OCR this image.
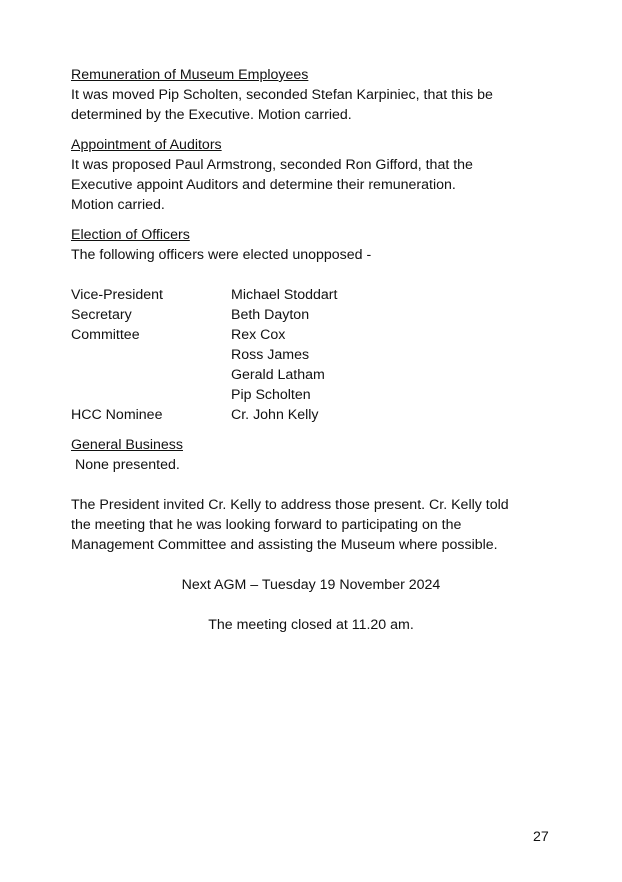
Remuneration of Museum Employees

It was moved Pip Scholten, seconded Stefan Karpiniec, that this be

determined by the Executive. Motion carried.

Appointment of Auditors

It was proposed Paul Armstrong, seconded Ron Gifford, that the

Executive appoint Auditors and determine their remuneration.

Motion carried.

Election of Officers

The following officers were elected unopposed -

Vice-President	Michael Stoddart
Secretary	Beth Dayton
Committee	Rex Cox
Ross James
Gerald Latham
Pip Scholten
HCC Nominee	Cr. John Kelly

General Business

None presented.

The President invited Cr. Kelly to address those present. Cr. Kelly told

the meeting that he was looking forward to participating on the

Management Committee and assisting the Museum where possible.

Next AGM – Tuesday 19 November 2024

The meeting closed at 11.20 am.

27
